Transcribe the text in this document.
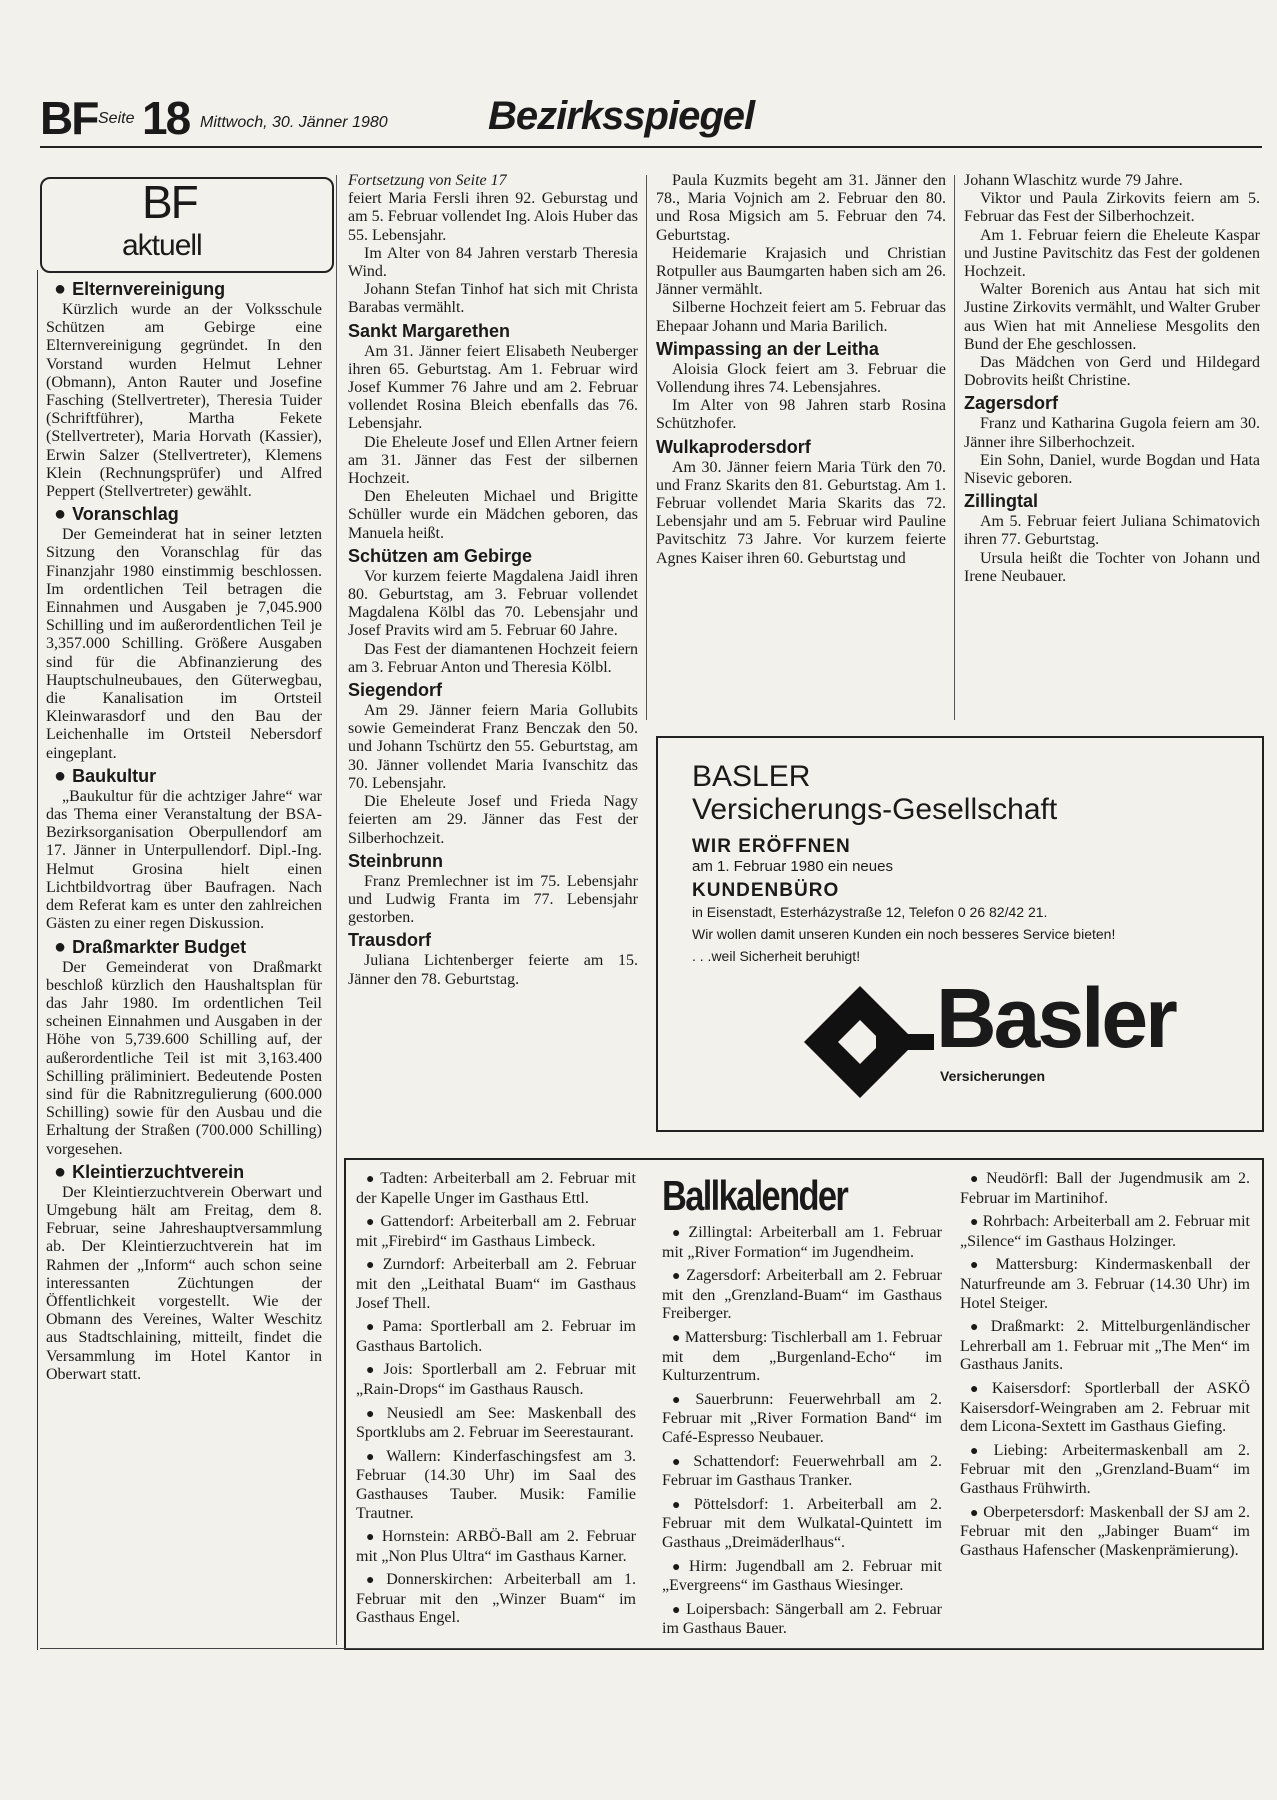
BF Seite 18 Mittwoch, 30. Jänner 1980	Bezirksspiegel
BF
aktuell
● Elternvereinigung

Kürzlich wurde an der Volksschule Schützen am Gebirge eine Elternvereinigung gegründet. In den Vorstand wurden Helmut Lehner (Obmann), Anton Rauter und Josefine Fasching (Stellvertreter), Theresia Tuider (Schriftführer), Martha Fekete (Stellvertreter), Maria Horvath (Kassier), Erwin Salzer (Stellvertreter), Klemens Klein (Rechnungsprüfer) und Alfred Peppert (Stellvertreter) gewählt.

● Voranschlag

Der Gemeinderat hat in seiner letzten Sitzung den Voranschlag für das Finanzjahr 1980 einstimmig beschlossen. Im ordentlichen Teil betragen die Einnahmen und Ausgaben je 7,045.900 Schilling und im außerordentlichen Teil je 3,357.000 Schilling. Größere Ausgaben sind für die Abfinanzierung des Hauptschulneubaues, den Güterwegbau, die Kanalisation im Ortsteil Kleinwarasdorf und den Bau der Leichenhalle im Ortsteil Nebersdorf eingeplant.

● Baukultur

„Baukultur für die achtziger Jahre“ war das Thema einer Veranstaltung der BSA-Bezirksorganisation Oberpullendorf am 17. Jänner in Unterpullendorf. Dipl.-Ing. Helmut Grosina hielt einen Lichtbildvortrag über Baufragen. Nach dem Referat kam es unter den zahlreichen Gästen zu einer regen Diskussion.

● Draßmarkter Budget

Der Gemeinderat von Draßmarkt beschloß kürzlich den Haushaltsplan für das Jahr 1980. Im ordentlichen Teil scheinen Einnahmen und Ausgaben in der Höhe von 5,739.600 Schilling auf, der außerordentliche Teil ist mit 3,163.400 Schilling präliminiert. Bedeutende Posten sind für die Rabnitzregulierung (600.000 Schilling) sowie für den Ausbau und die Erhaltung der Straßen (700.000 Schilling) vorgesehen.

● Kleintierzuchtverein

Der Kleintierzuchtverein Oberwart und Umgebung hält am Freitag, dem 8. Februar, seine Jahreshauptversammlung ab. Der Kleintierzuchtverein hat im Rahmen der „Inform“ auch schon seine interessanten Züchtungen der Öffentlichkeit vorgestellt. Wie der Obmann des Vereines, Walter Weschitz aus Stadtschlaining, mitteilt, findet die Versammlung im Hotel Kantor in Oberwart statt.

Fortsetzung von Seite 17

feiert Maria Fersli ihren 92. Geburstag und am 5. Februar vollendet Ing. Alois Huber das 55. Lebensjahr.

Im Alter von 84 Jahren verstarb Theresia Wind.

Johann Stefan Tinhof hat sich mit Christa Barabas vermählt.

Sankt Margarethen

Am 31. Jänner feiert Elisabeth Neuberger ihren 65. Geburtstag. Am 1. Februar wird Josef Kummer 76 Jahre und am 2. Februar vollendet Rosina Bleich ebenfalls das 76. Lebensjahr.

Die Eheleute Josef und Ellen Artner feiern am 31. Jänner das Fest der silbernen Hochzeit.

Den Eheleuten Michael und Brigitte Schüller wurde ein Mädchen geboren, das Manuela heißt.

Schützen am Gebirge

Vor kurzem feierte Magdalena Jaidl ihren 80. Geburtstag, am 3. Februar vollendet Magdalena Kölbl das 70. Lebensjahr und Josef Pravits wird am 5. Februar 60 Jahre.

Das Fest der diamantenen Hochzeit feiern am 3. Februar Anton und Theresia Kölbl.

Siegendorf

Am 29. Jänner feiern Maria Gollubits sowie Gemeinderat Franz Benczak den 50. und Johann Tschürtz den 55. Geburtstag, am 30. Jänner vollendet Maria Ivanschitz das 70. Lebensjahr.

Die Eheleute Josef und Frieda Nagy feierten am 29. Jänner das Fest der Silberhochzeit.

Steinbrunn

Franz Premlechner ist im 75. Lebensjahr und Ludwig Franta im 77. Lebensjahr gestorben.

Trausdorf

Juliana Lichtenberger feierte am 15. Jänner den 78. Geburtstag.

Paula Kuzmits begeht am 31. Jänner den 78., Maria Vojnich am 2. Februar den 80. und Rosa Migsich am 5. Februar den 74. Geburtstag.

Heidemarie Krajasich und Christian Rotpuller aus Baumgarten haben sich am 26. Jänner vermählt.

Silberne Hochzeit feiert am 5. Februar das Ehepaar Johann und Maria Barilich.

Wimpassing an der Leitha

Aloisia Glock feiert am 3. Februar die Vollendung ihres 74. Lebensjahres.

Im Alter von 98 Jahren starb Rosina Schützhofer.

Wulkaprodersdorf

Am 30. Jänner feiern Maria Türk den 70. und Franz Skarits den 81. Geburtstag. Am 1. Februar vollendet Maria Skarits das 72. Lebensjahr und am 5. Februar wird Pauline Pavitschitz 73 Jahre. Vor kurzem feierte Agnes Kaiser ihren 60. Geburtstag und

Johann Wlaschitz wurde 79 Jahre.

Viktor und Paula Zirkovits feiern am 5. Februar das Fest der Silberhochzeit.

Am 1. Februar feiern die Eheleute Kaspar und Justine Pavitschitz das Fest der goldenen Hochzeit.

Walter Borenich aus Antau hat sich mit Justine Zirkovits vermählt, und Walter Gruber aus Wien hat mit Anneliese Mesgolits den Bund der Ehe geschlossen.

Das Mädchen von Gerd und Hildegard Dobrovits heißt Christine.

Zagersdorf

Franz und Katharina Gugola feiern am 30. Jänner ihre Silberhochzeit.

Ein Sohn, Daniel, wurde Bogdan und Hata Nisevic geboren.

Zillingtal

Am 5. Februar feiert Juliana Schimatovich ihren 77. Geburtstag.

Ursula heißt die Tochter von Johann und Irene Neubauer.

BASLER
Versicherungs-Gesellschaft
WIR ERÖFFNEN
am 1. Februar 1980 ein neues
KUNDENBÜRO
in Eisenstadt, Esterházystraße 12, Telefon 0 26 82/42 21.
Wir wollen damit unseren Kunden ein noch besseres Service bieten!
. . .weil Sicherheit beruhigt!
Basler
Versicherungen

● Tadten: Arbeiterball am 2. Februar mit der Kapelle Unger im Gasthaus Ettl.

● Gattendorf: Arbeiterball am 2. Februar mit „Firebird“ im Gasthaus Limbeck.

● Zurndorf: Arbeiterball am 2. Februar mit den „Leithatal Buam“ im Gasthaus Josef Thell.

● Pama: Sportlerball am 2. Februar im Gasthaus Bartolich.

● Jois: Sportlerball am 2. Februar mit „Rain-Drops“ im Gasthaus Rausch.

● Neusiedl am See: Maskenball des Sportklubs am 2. Februar im Seerestaurant.

● Wallern: Kinderfaschingsfest am 3. Februar (14.30 Uhr) im Saal des Gasthauses Tauber. Musik: Familie Trautner.

● Hornstein: ARBÖ-Ball am 2. Februar mit „Non Plus Ultra“ im Gasthaus Karner.

● Donnerskirchen: Arbeiterball am 1. Februar mit den „Winzer Buam“ im Gasthaus Engel.

Ballkalender

● Zillingtal: Arbeiterball am 1. Februar mit „River Formation“ im Jugendheim.

● Zagersdorf: Arbeiterball am 2. Februar mit den „Grenzland-Buam“ im Gasthaus Freiberger.

● Mattersburg: Tischlerball am 1. Februar mit dem „Burgenland-Echo“ im Kulturzentrum.

● Sauerbrunn: Feuerwehrball am 2. Februar mit „River Formation Band“ im Café-Espresso Neubauer.

● Schattendorf: Feuerwehrball am 2. Februar im Gasthaus Tranker.

● Pöttelsdorf: 1. Arbeiterball am 2. Februar mit dem Wulkatal-Quintett im Gasthaus „Dreimäderlhaus“.

● Hirm: Jugendball am 2. Februar mit „Evergreens“ im Gasthaus Wiesinger.

● Loipersbach: Sängerball am 2. Februar im Gasthaus Bauer.

● Neudörfl: Ball der Jugendmusik am 2. Februar im Martinihof.

● Rohrbach: Arbeiterball am 2. Februar mit „Silence“ im Gasthaus Holzinger.

● Mattersburg: Kindermaskenball der Naturfreunde am 3. Februar (14.30 Uhr) im Hotel Steiger.

● Draßmarkt: 2. Mittelburgenländischer Lehrerball am 1. Februar mit „The Men“ im Gasthaus Janits.

● Kaisersdorf: Sportlerball der ASKÖ Kaisersdorf-Weingraben am 2. Februar mit dem Licona-Sextett im Gasthaus Giefing.

● Liebing: Arbeitermaskenball am 2. Februar mit den „Grenzland-Buam“ im Gasthaus Frühwirth.

● Oberpetersdorf: Maskenball der SJ am 2. Februar mit den „Jabinger Buam“ im Gasthaus Hafenscher (Maskenprämierung).
